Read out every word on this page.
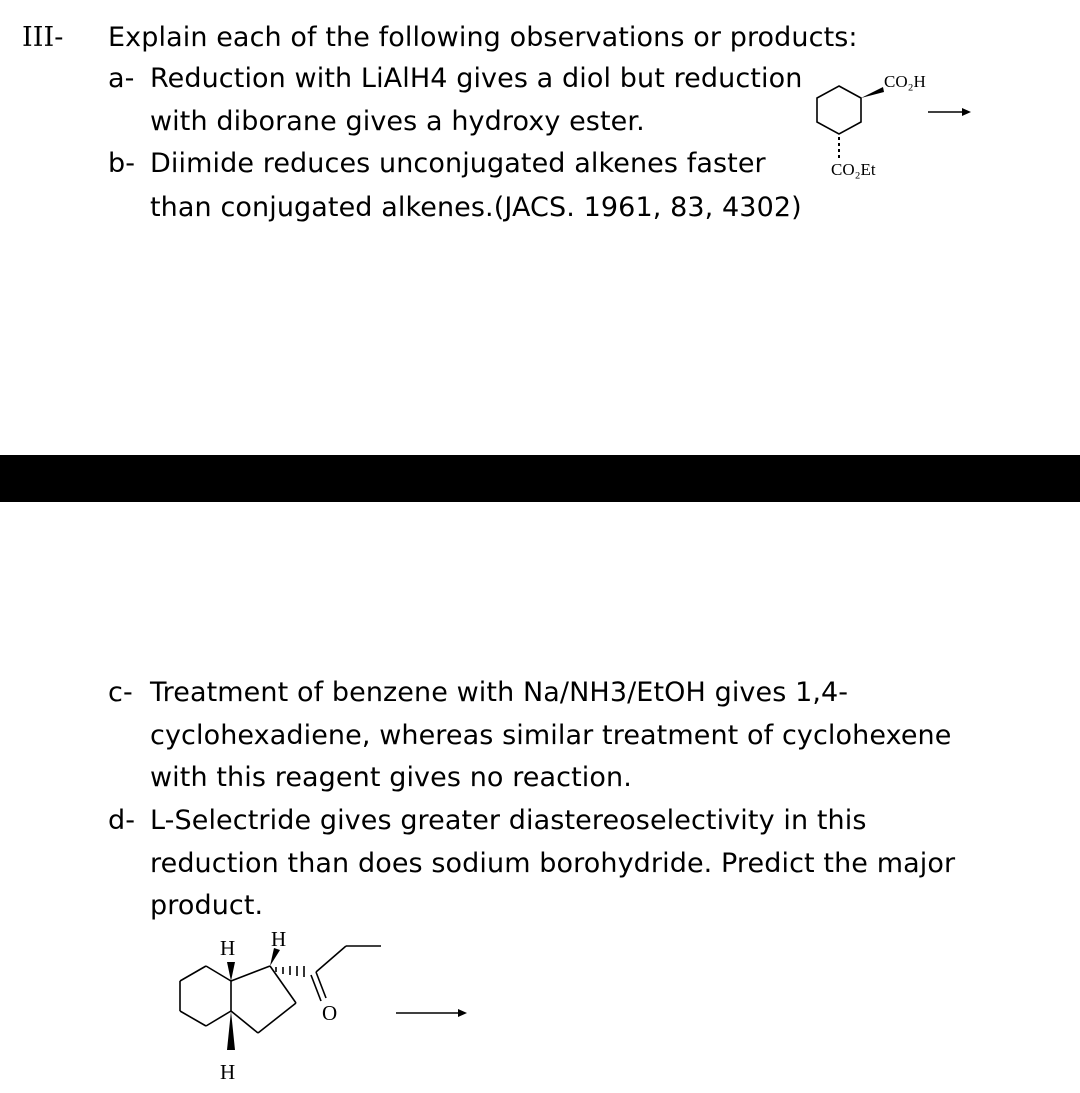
III- Explain each of the following observations or products:
a- Reduction with LiAlH4 gives a diol but reduction
with diborane gives a hydroxy ester.
b- Diimide reduces unconjugated alkenes faster
than conjugated alkenes.(JACS. 1961, 83, 4302)
CO₂H
CO₂Et
c- Treatment of benzene with Na/NH3/EtOH gives 1,4-
cyclohexadiene, whereas similar treatment of cyclohexene
with this reagent gives no reaction.
d- L-Selectride gives greater diastereoselectivity in this
reduction than does sodium borohydride. Predict the major
product.
H H
H
O
